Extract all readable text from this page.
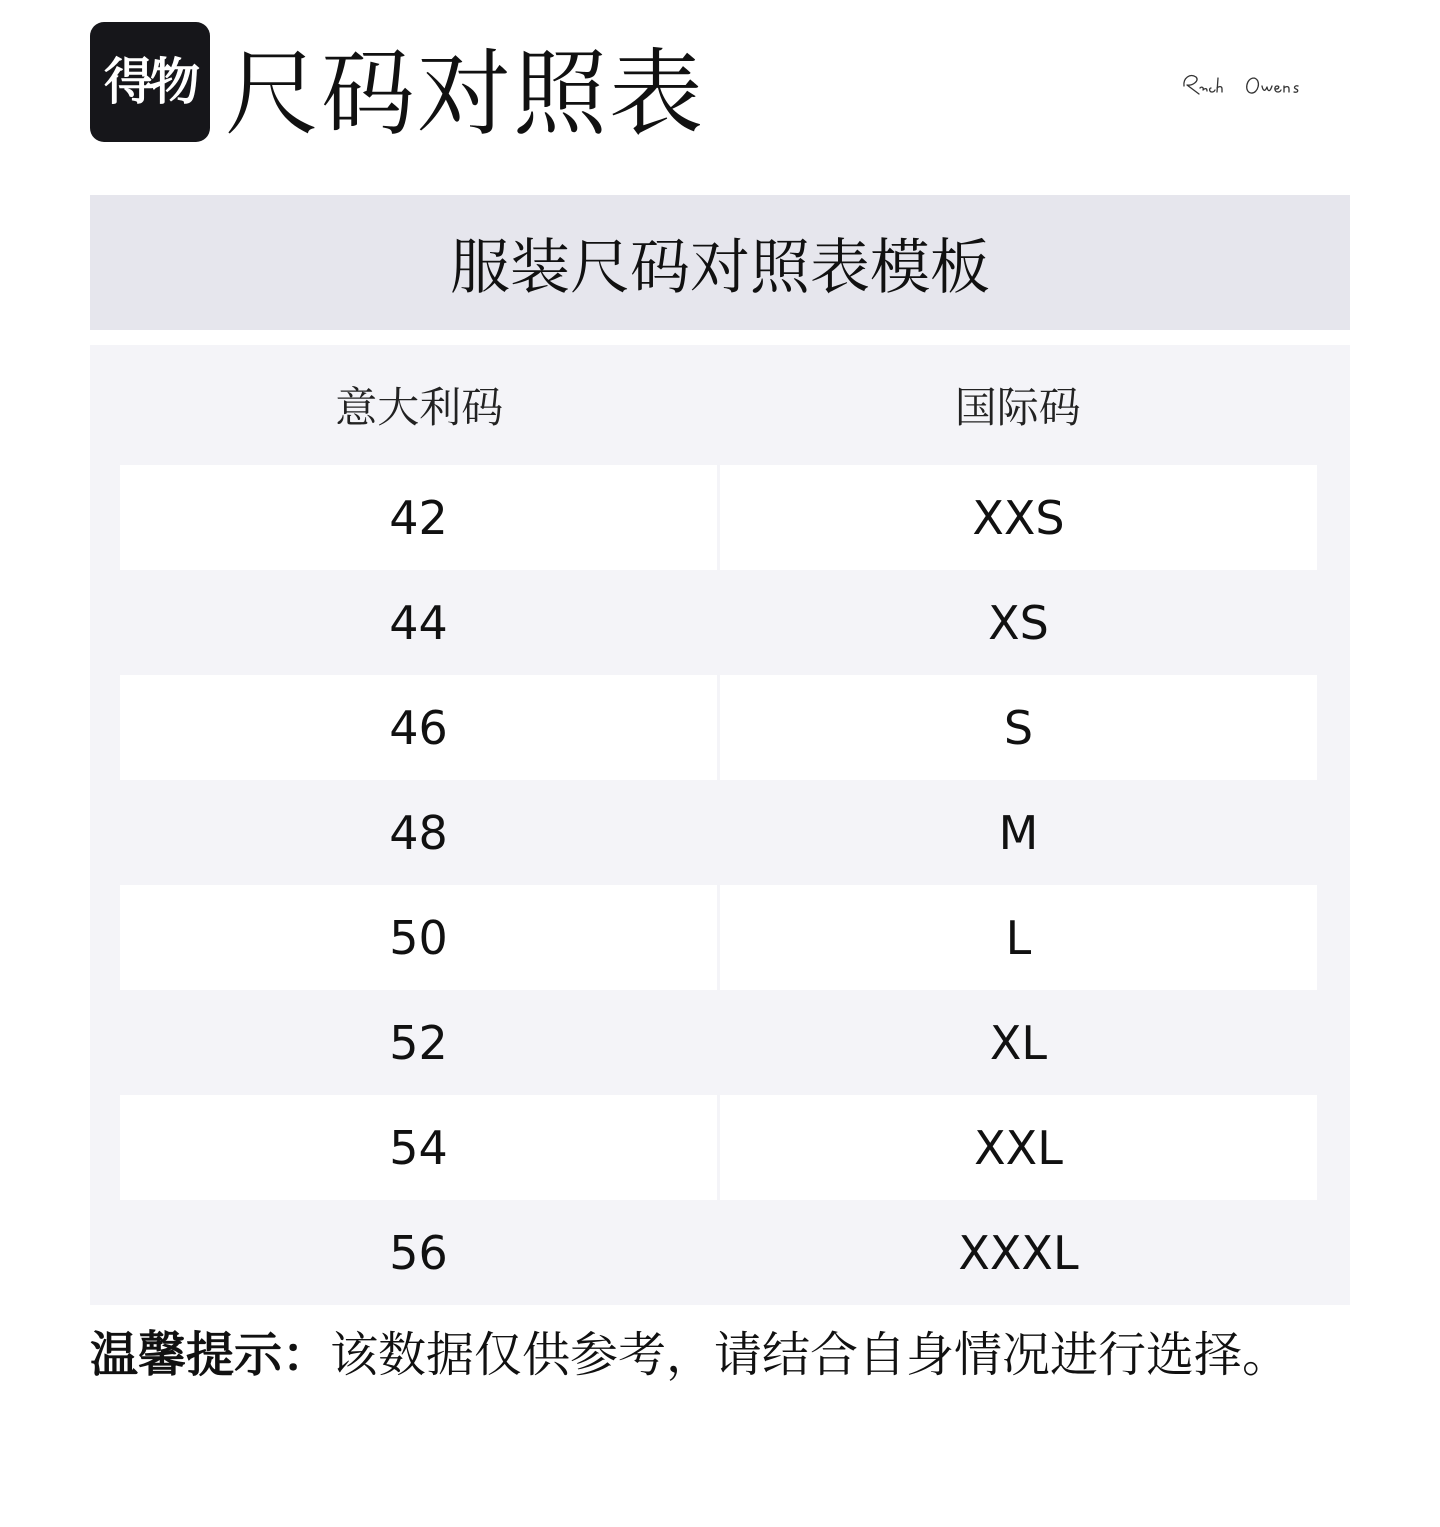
得物 尺码对照表
服装尺码对照表模板
意大利码	国际码
42	XXS
44	XS
46	S
48	M
50	L
52	XL
54	XXL
56	XXXL
温馨提示：该数据仅供参考，请结合自身情况进行选择。
